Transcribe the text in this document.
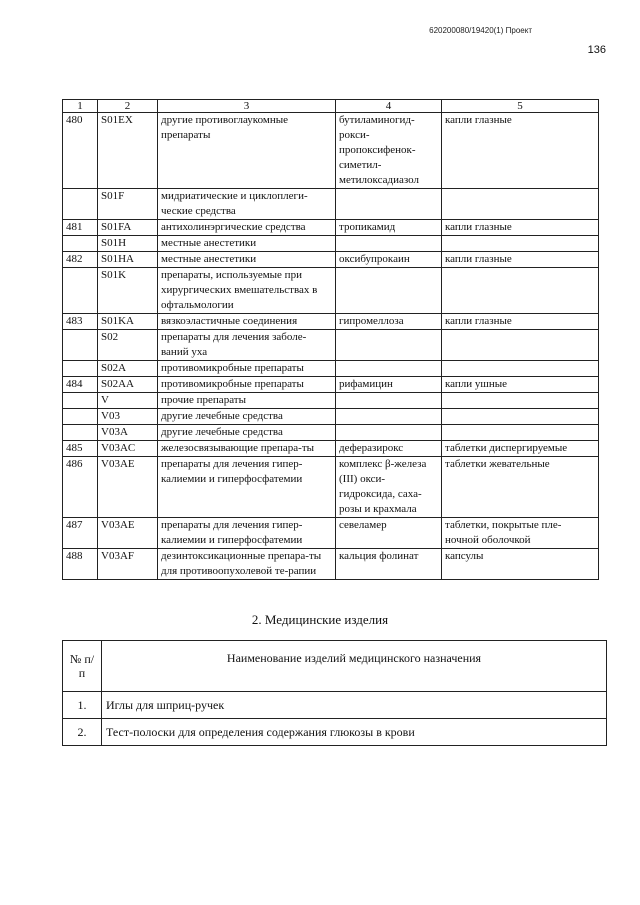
620200080/19420(1) Проект
136
1	2	3	4	5
480	S01EX	другие противоглаукомные препараты	бутиламиногид-рокси-пропоксифенок-симетил-метилоксадиазол	капли глазные
	S01F	мидриатические и циклоплеги-ческие средства		
481	S01FA	антихолинэргические средства	тропикамид	капли глазные
	S01H	местные анестетики		
482	S01HA	местные анестетики	оксибупрокаин	капли глазные
	S01K	препараты, используемые при хирургических вмешательствах в офтальмологии		
483	S01KA	вязкоэластичные соединения	гипромеллоза	капли глазные
	S02	препараты для лечения заболе-ваний уха		
	S02A	противомикробные препараты		
484	S02AA	противомикробные препараты	рифамицин	капли ушные
	V	прочие препараты		
	V03	другие лечебные средства		
	V03A	другие лечебные средства		
485	V03AC	железосвязывающие препара-ты	деферазирокс	таблетки диспергируемые
486	V03AE	препараты для лечения гипер-калиемии и гиперфосфатемии	комплекс β-железа (III) окси-гидроксида, саха-розы и крахмала	таблетки жевательные
487	V03AE	препараты для лечения гипер-калиемии и гиперфосфатемии	севеламер	таблетки, покрытые пле-ночной оболочкой
488	V03AF	дезинтоксикационные препара-ты для противоопухолевой те-рапии	кальция фолинат	капсулы
2. Медицинские изделия
№ п/п	Наименование изделий медицинского назначения
1.	Иглы для шприц-ручек
2.	Тест-полоски для определения содержания глюкозы в крови
